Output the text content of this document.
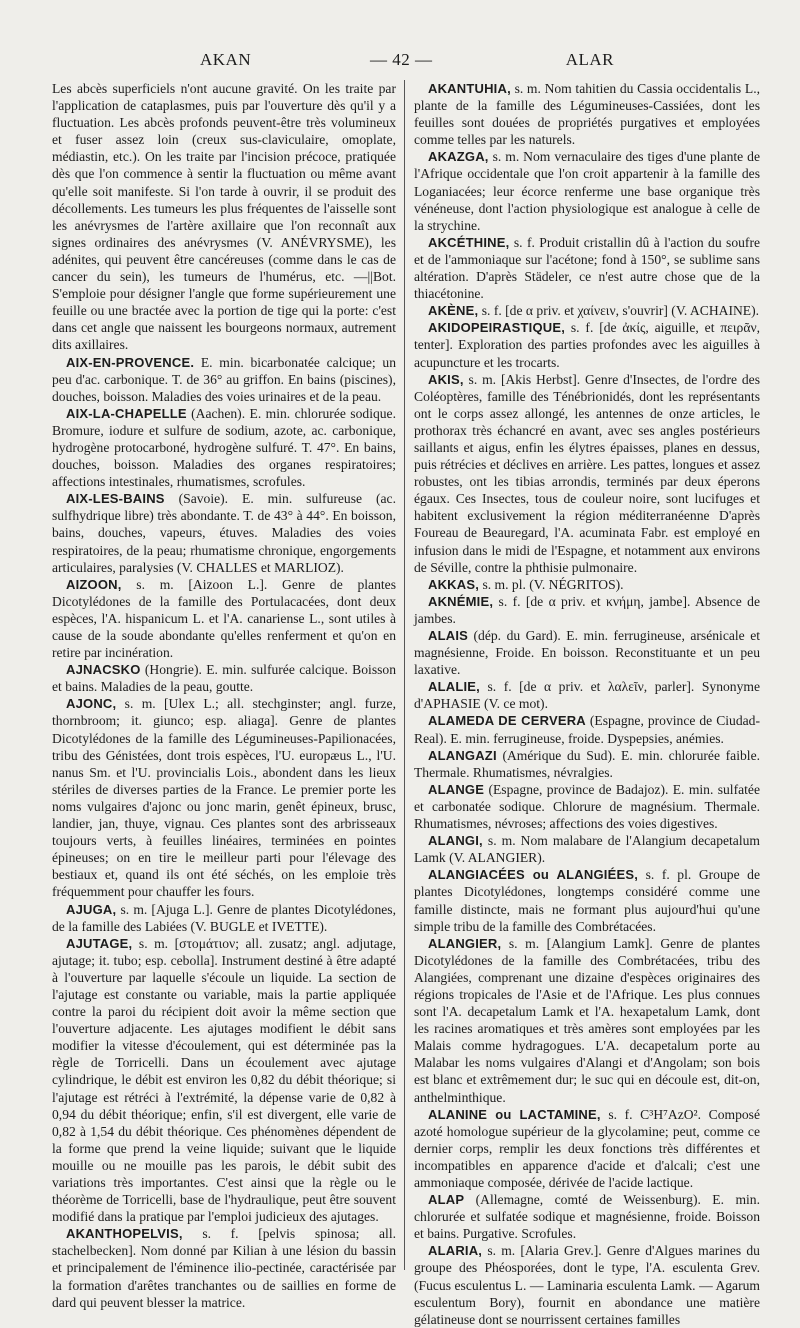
AKAN	— 42 —	ALAR

Les abcès superficiels n'ont aucune gravité. On les traite par l'application de cataplasmes, puis par l'ouverture dès qu'il y a fluctuation. Les abcès profonds peuvent-être très volumineux et fuser assez loin (creux sus-claviculaire, omoplate, médiastin, etc.). On les traite par l'incision précoce, pratiquée dès que l'on commence à sentir la fluctuation ou même avant qu'elle soit manifeste. Si l'on tarde à ouvrir, il se produit des décollements. Les tumeurs les plus fréquentes de l'aisselle sont les anévrysmes de l'artère axillaire que l'on reconnaît aux signes ordinaires des anévrysmes (V. ANÉVRYSME), les adénites, qui peuvent être cancéreuses (comme dans le cas de cancer du sein), les tumeurs de l'humérus, etc. —||Bot. S'emploie pour désigner l'angle que forme supérieurement une feuille ou une bractée avec la portion de tige qui la porte: c'est dans cet angle que naissent les bourgeons normaux, autrement dits axillaires.

AIX-EN-PROVENCE. E. min. bicarbonatée calcique; un peu d'ac. carbonique. T. de 36° au griffon. En bains (piscines), douches, boisson. Maladies des voies urinaires et de la peau.

AIX-LA-CHAPELLE (Aachen). E. min. chlorurée sodique. Bromure, iodure et sulfure de sodium, azote, ac. carbonique, hydrogène protocarboné, hydrogène sulfuré. T. 47°. En bains, douches, boisson. Maladies des organes respiratoires; affections intestinales, rhumatismes, scrofules.

AIX-LES-BAINS (Savoie). E. min. sulfureuse (ac. sulfhydrique libre) très abondante. T. de 43° à 44°. En boisson, bains, douches, vapeurs, étuves. Maladies des voies respiratoires, de la peau; rhumatisme chronique, engorgements articulaires, paralysies (V. CHALLES et MARLIOZ).

AIZOON, s. m. [Aizoon L.]. Genre de plantes Dicotylédones de la famille des Portulacacées, dont deux espèces, l'A. hispanicum L. et l'A. canariense L., sont utiles à cause de la soude abondante qu'elles renferment et qu'on en retire par incinération.

AJNACSKO (Hongrie). E. min. sulfurée calcique. Boisson et bains. Maladies de la peau, goutte.

AJONC, s. m. [Ulex L.; all. stechginster; angl. furze, thornbroom; it. giunco; esp. aliaga]. Genre de plantes Dicotylédones de la famille des Légumineuses-Papilionacées, tribu des Génistées, dont trois espèces, l'U. europæus L., l'U. nanus Sm. et l'U. provincialis Lois., abondent dans les lieux stériles de diverses parties de la France. Le premier porte les noms vulgaires d'ajonc ou jonc marin, genêt épineux, brusc, landier, jan, thuye, vignau. Ces plantes sont des arbrisseaux toujours verts, à feuilles linéaires, terminées en pointes épineuses; on en tire le meilleur parti pour l'élevage des bestiaux et, quand ils ont été séchés, on les emploie très fréquemment pour chauffer les fours.

AJUGA, s. m. [Ajuga L.]. Genre de plantes Dicotylédones, de la famille des Labiées (V. BUGLE et IVETTE).

AJUTAGE, s. m. [στομάτιον; all. zusatz; angl. adjutage, ajutage; it. tubo; esp. cebolla]. Instrument destiné à être adapté à l'ouverture par laquelle s'écoule un liquide. La section de l'ajutage est constante ou variable, mais la partie appliquée contre la paroi du récipient doit avoir la même section que l'ouverture adjacente. Les ajutages modifient le débit sans modifier la vitesse d'écoulement, qui est déterminée pas la règle de Torricelli. Dans un écoulement avec ajutage cylindrique, le débit est environ les 0,82 du débit théorique; si l'ajutage est rétréci à l'extrémité, la dépense varie de 0,82 à 0,94 du débit théorique; enfin, s'il est divergent, elle varie de 0,82 à 1,54 du débit théorique. Ces phénomènes dépendent de la forme que prend la veine liquide; suivant que le liquide mouille ou ne mouille pas les parois, le débit subit des variations très importantes. C'est ainsi que la règle ou le théorème de Torricelli, base de l'hydraulique, peut être souvent modifié dans la pratique par l'emploi judicieux des ajutages.

AKANTHOPELVIS, s. f. [pelvis spinosa; all. stachelbecken]. Nom donné par Kilian à une lésion du bassin et principalement de l'éminence ilio-pectinée, caractérisée par la formation d'arêtes tranchantes ou de saillies en forme de dard qui peuvent blesser la matrice.

AKANTUHIA, s. m. Nom tahitien du Cassia occidentalis L., plante de la famille des Légumineuses-Cassiées, dont les feuilles sont douées de propriétés purgatives et employées comme telles par les naturels.

AKAZGA, s. m. Nom vernaculaire des tiges d'une plante de l'Afrique occidentale que l'on croit appartenir à la famille des Loganiacées; leur écorce renferme une base organique très vénéneuse, dont l'action physiologique est analogue à celle de la strychine.

AKCÉTHINE, s. f. Produit cristallin dû à l'action du soufre et de l'ammoniaque sur l'acétone; fond à 150°, se sublime sans altération. D'après Städeler, ce n'est autre chose que de la thiacétonine.

AKÈNE, s. f. [de α priv. et χαίνειν, s'ouvrir] (V. ACHAINE).

AKIDOPEIRASTIQUE, s. f. [de ἀκίς, aiguille, et πειρᾶν, tenter]. Exploration des parties profondes avec les aiguilles à acupuncture et les trocarts.

AKIS, s. m. [Akis Herbst]. Genre d'Insectes, de l'ordre des Coléoptères, famille des Ténébrionidés, dont les représentants ont le corps assez allongé, les antennes de onze articles, le prothorax très échancré en avant, avec ses angles postérieurs saillants et aigus, enfin les élytres épaisses, planes en dessus, puis rétrécies et déclives en arrière. Les pattes, longues et assez robustes, ont les tibias arrondis, terminés par deux éperons égaux. Ces Insectes, tous de couleur noire, sont lucifuges et habitent exclusivement la région méditerranéenne D'après Foureau de Beauregard, l'A. acuminata Fabr. est employé en infusion dans le midi de l'Espagne, et notamment aux environs de Séville, contre la phthisie pulmonaire.

AKKAS, s. m. pl. (V. NÉGRITOS).

AKNÉMIE, s. f. [de α priv. et κνήμη, jambe]. Absence de jambes.

ALAIS (dép. du Gard). E. min. ferrugineuse, arsénicale et magnésienne, Froide. En boisson. Reconstituante et un peu laxative.

ALALIE, s. f. [de α priv. et λαλεῖν, parler]. Synonyme d'APHASIE (V. ce mot).

ALAMEDA DE CERVERA (Espagne, province de Ciudad-Real). E. min. ferrugineuse, froide. Dyspepsies, anémies.

ALANGAZI (Amérique du Sud). E. min. chlorurée faible. Thermale. Rhumatismes, névralgies.

ALANGE (Espagne, province de Badajoz). E. min. sulfatée et carbonatée sodique. Chlorure de magnésium. Thermale. Rhumatismes, névroses; affections des voies digestives.

ALANGI, s. m. Nom malabare de l'Alangium decapetalum Lamk (V. ALANGIER).

ALANGIACÉES ou ALANGIÉES, s. f. pl. Groupe de plantes Dicotylédones, longtemps considéré comme une famille distincte, mais ne formant plus aujourd'hui qu'une simple tribu de la famille des Combrétacées.

ALANGIER, s. m. [Alangium Lamk]. Genre de plantes Dicotylédones de la famille des Combrétacées, tribu des Alangiées, comprenant une dizaine d'espèces originaires des régions tropicales de l'Asie et de l'Afrique. Les plus connues sont l'A. decapetalum Lamk et l'A. hexapetalum Lamk, dont les racines aromatiques et très amères sont employées par les Malais comme hydragogues. L'A. decapetalum porte au Malabar les noms vulgaires d'Alangi et d'Angolam; son bois est blanc et extrêmement dur; le suc qui en découle est, dit-on, anthelminthique.

ALANINE ou LACTAMINE, s. f. C³H⁷AzO². Composé azoté homologue supérieur de la glycolamine; peut, comme ce dernier corps, remplir les deux fonctions très différentes et incompatibles en apparence d'acide et d'alcali; c'est une ammoniaque composée, dérivée de l'acide lactique.

ALAP (Allemagne, comté de Weissenburg). E. min. chlorurée et sulfatée sodique et magnésienne, froide. Boisson et bains. Purgative. Scrofules.

ALARIA, s. m. [Alaria Grev.]. Genre d'Algues marines du groupe des Phéosporées, dont le type, l'A. esculenta Grev. (Fucus esculentus L. — Laminaria esculenta Lamk. — Agarum esculentum Bory), fournit en abondance une matière gélatineuse dont se nourrissent certaines familles
